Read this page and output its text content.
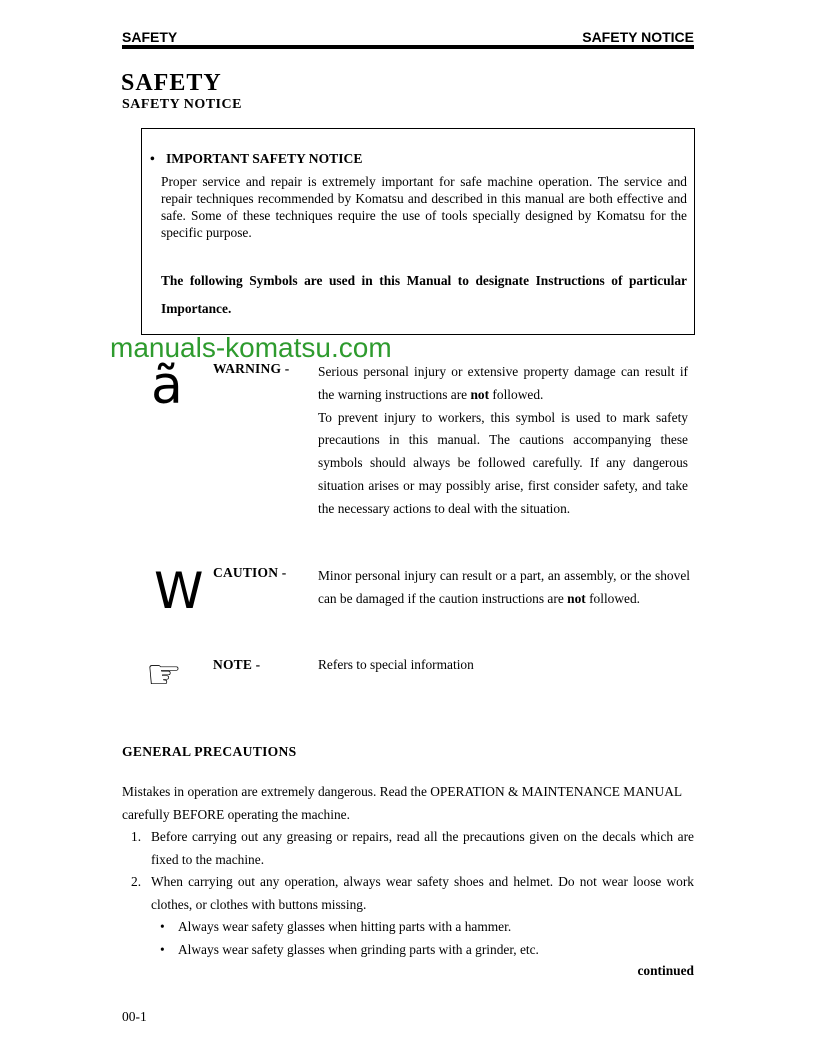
SAFETY	SAFETY NOTICE
SAFETY
SAFETY NOTICE
• IMPORTANT SAFETY NOTICE

Proper service and repair is extremely important for safe machine operation. The service and repair techniques recommended by Komatsu and described in this manual are both effective and safe. Some of these techniques require the use of tools specially designed by Komatsu for the specific purpose.

The following Symbols are used in this Manual to designate Instructions of particular Importance.

manuals-komatsu.com
ã WARNING - Serious personal injury or extensive property damage can result if the warning instructions are not followed.

To prevent injury to workers, this symbol is used to mark safety precautions in this manual. The cautions accompanying these symbols should always be followed carefully. If any dangerous situation arises or may possibly arise, first consider safety, and take the necessary actions to deal with the situation.

W CAUTION - Minor personal injury can result or a part, an assembly, or the shovel can be damaged if the caution instructions are not followed.

☞ NOTE -	Refers to special information
GENERAL PRECAUTIONS
Mistakes in operation are extremely dangerous. Read the OPERATION & MAINTENANCE MANUAL carefully BEFORE operating the machine.
1. Before carrying out any greasing or repairs, read all the precautions given on the decals which are fixed to the machine.
2. When carrying out any operation, always wear safety shoes and helmet. Do not wear loose work clothes, or clothes with buttons missing.
• Always wear safety glasses when hitting parts with a hammer.
• Always wear safety glasses when grinding parts with a grinder, etc.
continued
00-1
